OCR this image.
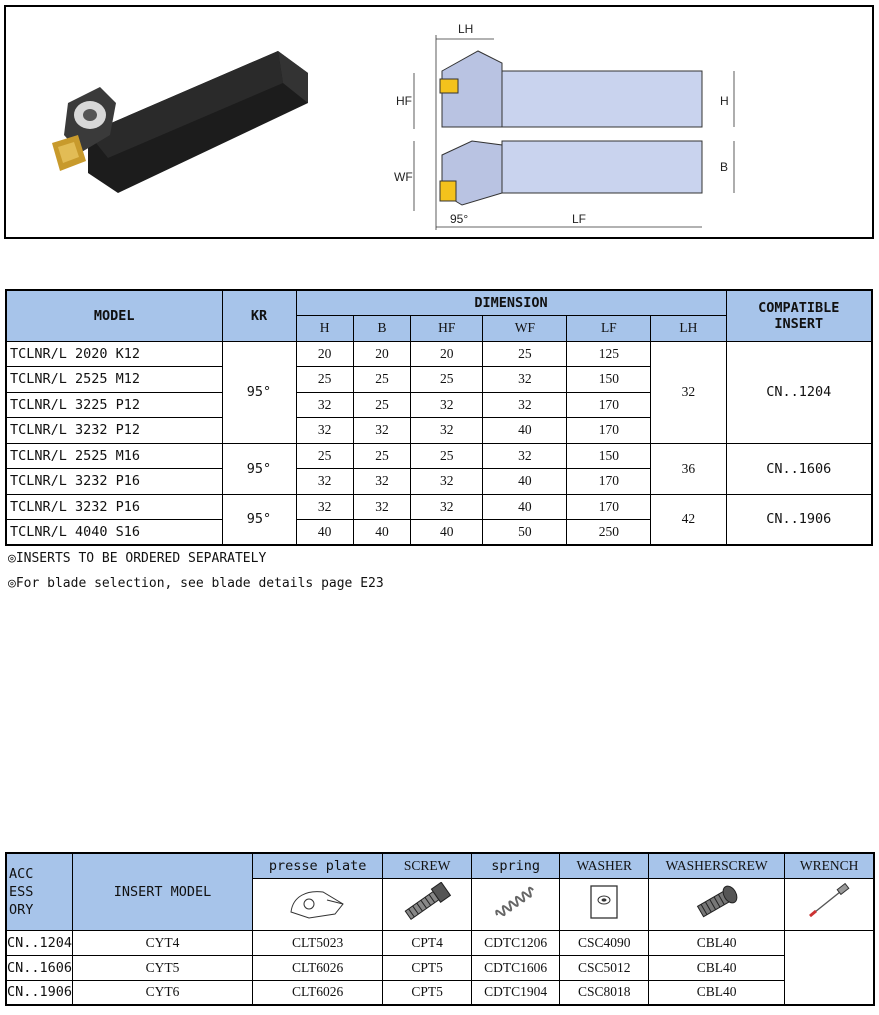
LH
HF	H
WF
B
95°	LF
MODEL	KR	DIMENSION						COMPATIBLE
INSERT

		H	B	HF	WF	LF	LH	
TCLNR/L 2020 K12	95°	20	20	20	25	125	32	CN..1204
TCLNR/L 2525 M12		25	25	25	32	150		
TCLNR/L 3225 P12		32	25	32	32	170		
TCLNR/L 3232 P12		32	32	32	40	170		
TCLNR/L 2525 M16	95°	25	25	25	32	150	36	CN..1606
TCLNR/L 3232 P16		32	32	32	40	170		
TCLNR/L 3232 P16	95°	32	32	32	40	170	42	CN..1906
TCLNR/L 4040 S16		40	40	40	50	250		
◎INSERTS TO BE ORDERED SEPARATELY
◎For blade selection, see blade details page E23
ACC
ESS
ORY	INSERT MODEL	presse plate	SCREW	spring	WASHER	WASHERSCREW	WRENCH

CN..1204	CYT4	CLT5023	CPT4	CDTC1206	CSC4090	CBL40	
CN..1606	CYT5	CLT6026	CPT5	CDTC1606	CSC5012	CBL40	
CN..1906	CYT6	CLT6026	CPT5	CDTC1904	CSC8018	CBL40	
